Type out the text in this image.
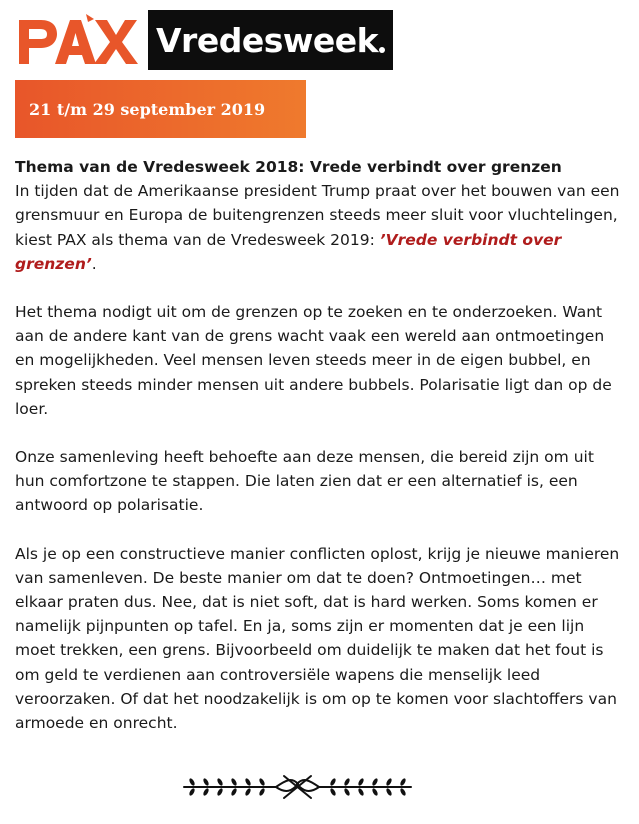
Vredesweek
21 t/m 29 september 2019

Thema van de Vredesweek 2018: Vrede verbindt over grenzen

In tijden dat de Amerikaanse president Trump praat over het bouwen van een grensmuur en Europa de buitengrenzen steeds meer sluit voor vluchtelingen, kiest PAX als thema van de Vredesweek 2019: ’Vrede verbindt over grenzen’.

Het thema nodigt uit om de grenzen op te zoeken en te onderzoeken. Want aan de andere kant van de grens wacht vaak een wereld aan ontmoetingen en mogelijkheden. Veel mensen leven steeds meer in de eigen bubbel, en spreken steeds minder mensen uit andere bubbels. Polarisatie ligt dan op de loer.

Onze samenleving heeft behoefte aan deze mensen, die bereid zijn om uit hun comfortzone te stappen. Die laten zien dat er een alternatief is, een antwoord op polarisatie.

Als je op een constructieve manier conflicten oplost, krijg je nieuwe manieren van samenleven. De beste manier om dat te doen? Ontmoetingen… met elkaar praten dus. Nee, dat is niet soft, dat is hard werken. Soms komen er namelijk pijnpunten op tafel. En ja, soms zijn er momenten dat je een lijn moet trekken, een grens. Bijvoorbeeld om duidelijk te maken dat het fout is om geld te verdienen aan controversiële wapens die menselijk leed veroorzaken. Of dat het noodzakelijk is om op te komen voor slachtoffers van armoede en onrecht.
